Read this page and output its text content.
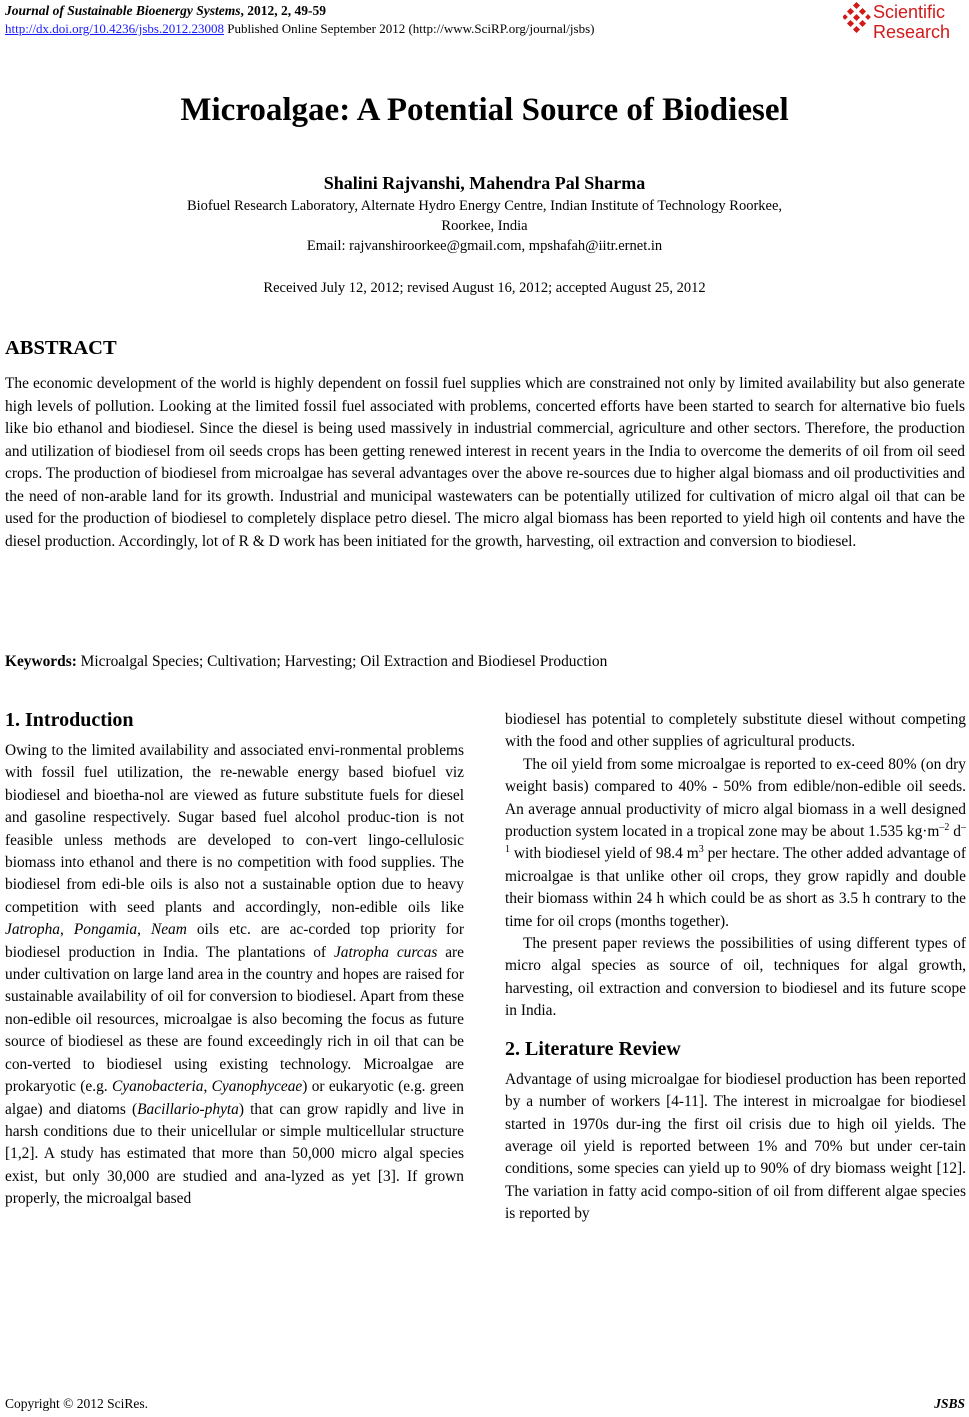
Journal of Sustainable Bioenergy Systems, 2012, 2, 49-59
http://dx.doi.org/10.4236/jsbs.2012.23008 Published Online September 2012 (http://www.SciRP.org/journal/jsbs)
Scientific
Research
Microalgae: A Potential Source of Biodiesel
Shalini Rajvanshi, Mahendra Pal Sharma
Biofuel Research Laboratory, Alternate Hydro Energy Centre, Indian Institute of Technology Roorkee,
Roorkee, India
Email: rajvanshiroorkee@gmail.com, mpshafah@iitr.ernet.in
Received July 12, 2012; revised August 16, 2012; accepted August 25, 2012
ABSTRACT
The economic development of the world is highly dependent on fossil fuel supplies which are constrained not only by limited availability but also generate high levels of pollution. Looking at the limited fossil fuel associated with problems, concerted efforts have been started to search for alternative bio fuels like bio ethanol and biodiesel. Since the diesel is being used massively in industrial commercial, agriculture and other sectors. Therefore, the production and utilization of biodiesel from oil seeds crops has been getting renewed interest in recent years in the India to overcome the demerits of oil from oil seed crops. The production of biodiesel from microalgae has several advantages over the above re-sources due to higher algal biomass and oil productivities and the need of non-arable land for its growth. Industrial and municipal wastewaters can be potentially utilized for cultivation of micro algal oil that can be used for the production of biodiesel to completely displace petro diesel. The micro algal biomass has been reported to yield high oil contents and have the diesel production. Accordingly, lot of R & D work has been initiated for the growth, harvesting, oil extraction and conversion to biodiesel.
Keywords: Microalgal Species; Cultivation; Harvesting; Oil Extraction and Biodiesel Production
1. Introduction

Owing to the limited availability and associated envi-ronmental problems with fossil fuel utilization, the re-newable energy based biofuel viz biodiesel and bioetha-nol are viewed as future substitute fuels for diesel and gasoline respectively. Sugar based fuel alcohol produc-tion is not feasible unless methods are developed to con-vert lingo-cellulosic biomass into ethanol and there is no competition with food supplies. The biodiesel from edi-ble oils is also not a sustainable option due to heavy competition with seed plants and accordingly, non-edible oils like Jatropha, Pongamia, Neam oils etc. are ac-corded top priority for biodiesel production in India. The plantations of Jatropha curcas are under cultivation on large land area in the country and hopes are raised for sustainable availability of oil for conversion to biodiesel. Apart from these non-edible oil resources, microalgae is also becoming the focus as future source of biodiesel as these are found exceedingly rich in oil that can be con-verted to biodiesel using existing technology. Microalgae are prokaryotic (e.g. Cyanobacteria, Cyanophyceae) or eukaryotic (e.g. green algae) and diatoms (Bacillario-phyta) that can grow rapidly and live in harsh conditions due to their unicellular or simple multicellular structure [1,2]. A study has estimated that more than 50,000 micro algal species exist, but only 30,000 are studied and ana-lyzed as yet [3]. If grown properly, the microalgal based

biodiesel has potential to completely substitute diesel without competing with the food and other supplies of agricultural products.

The oil yield from some microalgae is reported to ex-ceed 80% (on dry weight basis) compared to 40% - 50% from edible/non-edible oil seeds. An average annual productivity of micro algal biomass in a well designed production system located in a tropical zone may be about 1.535 $kg\cdot m^{-2}$ $d^{-1}$ with biodiesel yield of 98.4 $m^3$ per hectare. The other added advantage of microalgae is that unlike other oil crops, they grow rapidly and double their biomass within 24 h which could be as short as 3.5 h contrary to the time for oil crops (months together).

The present paper reviews the possibilities of using different types of micro algal species as source of oil, techniques for algal growth, harvesting, oil extraction and conversion to biodiesel and its future scope in India.

2. Literature Review

Advantage of using microalgae for biodiesel production has been reported by a number of workers [4-11]. The interest in microalgae for biodiesel started in 1970s dur-ing the first oil crisis due to high oil yields. The average oil yield is reported between 1% and 70% but under cer-tain conditions, some species can yield up to 90% of dry biomass weight [12]. The variation in fatty acid compo-sition of oil from different algae species is reported by

Copyright © 2012 SciRes.	JSBS
